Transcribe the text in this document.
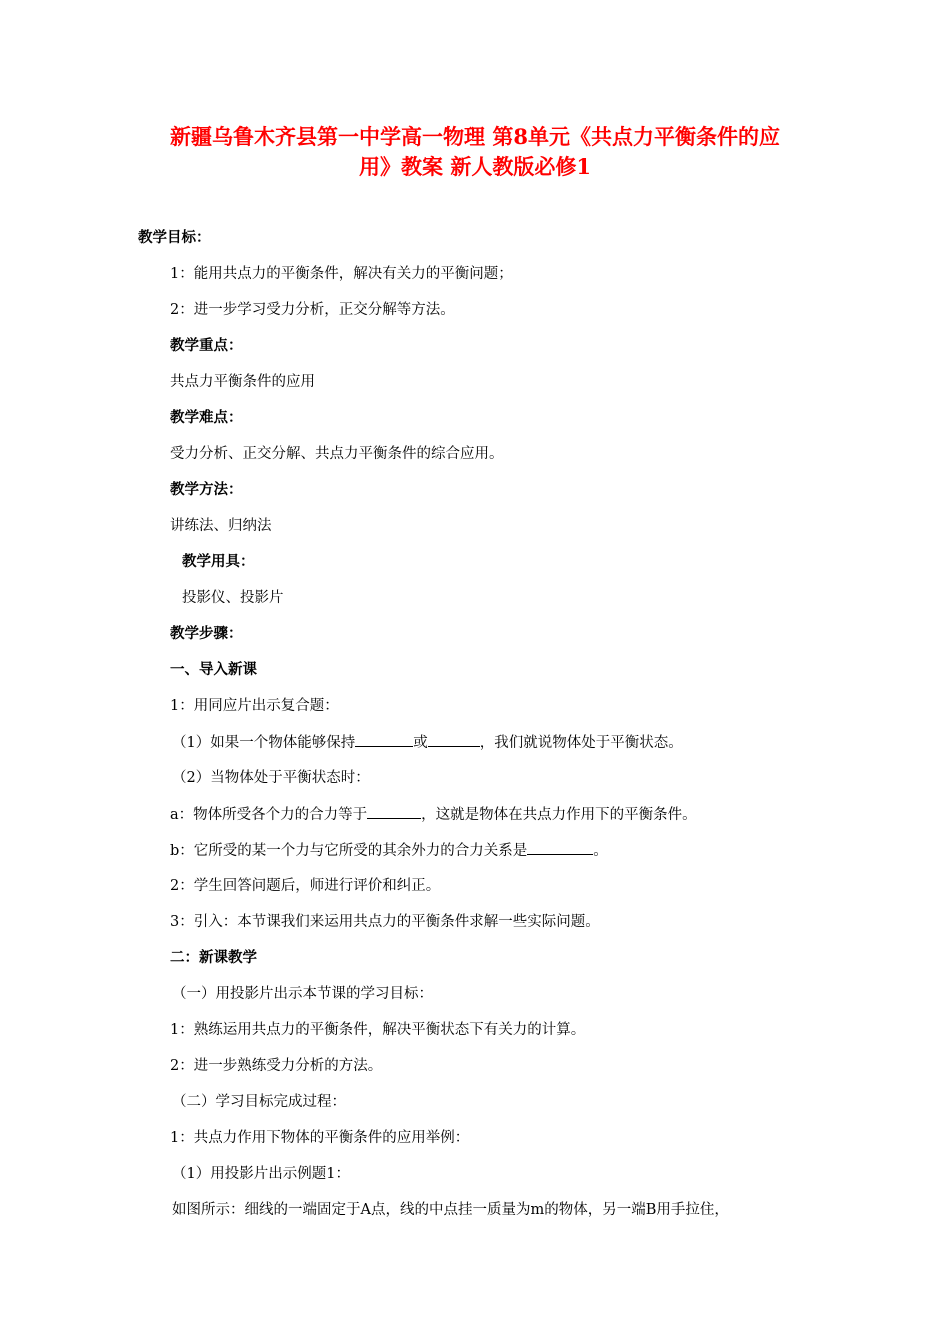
新疆乌鲁木齐县第一中学高一物理 第8单元《共点力平衡条件的应
用》教案 新人教版必修1
教学目标：
1：能用共点力的平衡条件，解决有关力的平衡问题；
2：进一步学习受力分析，正交分解等方法。
教学重点：
共点力平衡条件的应用
教学难点：
受力分析、正交分解、共点力平衡条件的综合应用。
教学方法：
讲练法、归纳法
教学用具：
投影仪、投影片
教学步骤：
一、导入新课
1：用同应片出示复合题：
（1）如果一个物体能够保持	或	，我们就说物体处于平衡状态。
（2）当物体处于平衡状态时：
a：物体所受各个力的合力等于	，这就是物体在共点力作用下的平衡条件。
b：它所受的某一个力与它所受的其余外力的合力关系是	。
2：学生回答问题后，师进行评价和纠正。
3：引入：本节课我们来运用共点力的平衡条件求解一些实际问题。
二：新课教学
（一）用投影片出示本节课的学习目标：
1：熟练运用共点力的平衡条件，解决平衡状态下有关力的计算。
2：进一步熟练受力分析的方法。
（二）学习目标完成过程：
1：共点力作用下物体的平衡条件的应用举例：
（1）用投影片出示例题1：
如图所示：细线的一端固定于A点，线的中点挂一质量为m的物体，另一端B用手拉住，
